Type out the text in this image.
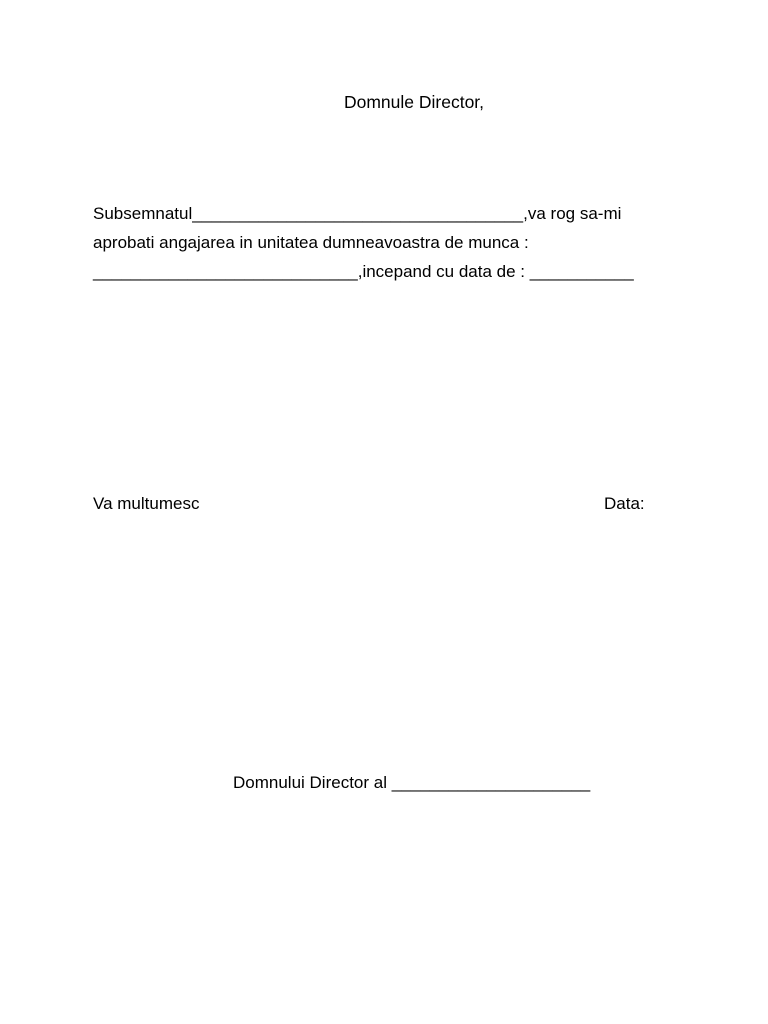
Domnule Director,
Subsemnatul___________________________________,va rog sa-mi
aprobati angajarea in unitatea dumneavoastra de munca :
____________________________,incepand cu data de : ___________
Va multumesc	Data:
Domnului Director al _____________________
